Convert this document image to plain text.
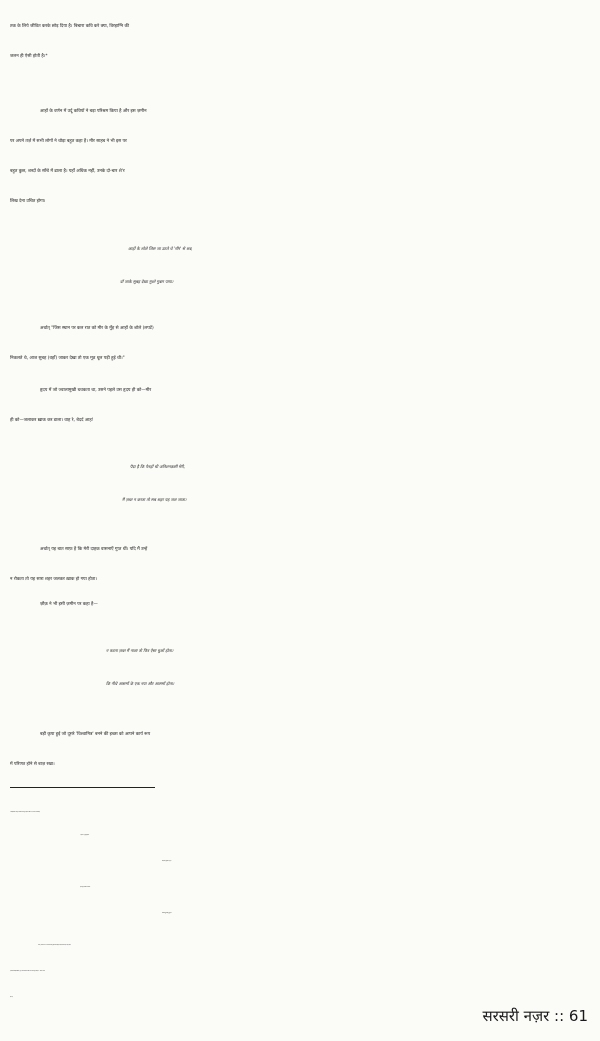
तक के लिये जीवित करके छोड़ दिया है। बिचारा कवि करे क्या, विरहाग्नि की
जलन ही ऐसी होती है।*
आहों के वर्णन में उर्दू कवियों ने बड़ा परिश्रम किया है और इस ज़मीन
पर अपने तर्ज़ में सभी लोगों ने थोड़ा बहुत कहा है। मीर साहब ने भी इस पर
बहुत कुछ, शब्दों के साँचे में ढाला है। यहाँ अधिक नहीं, उनके दो-चार शे'र
लिख देना उचित होगा।
आहों के शोले जिस जा उठते थे 'मीर' से शब,
वाँ जाके सुबह देखा मुश्ते गुबार पाया।
अर्थात् "जिस स्थान पर कल रात को मीर के मुँह से आहों के शोले (लपटें)
निकलते थे, आज सुबह (वहाँ) जाकर देखा तो एक मूठ धूल पड़ी हुई थी।"
हृदय में जो ज्वालामुखी धधकता था, उसने पहले उस हृदय ही को—मीर
ही को—जलाकर ख़ाक कर डाला। वाह रे, बेदर्द आह!
पैदा है कि पेनहाँ थी अतिशनक़सी मेरी,
मैं ज़ब्त न करता तो सब शहर यह जल जाता।
अर्थात् यह बात साफ़ है कि मेरी दाहक वासनाएँ गुप्त थीं। यदि मैं उन्हें
न रोकता तो यह सारा शहर जलकर ख़ाक हो गया होता।
ज़ौक़ ने भी इसी ज़मीन पर कहा है—
न करता ज़ब्त मैं नाला तो फिर ऐसा धुआँ होता।
कि नीचे आसमाँ के एक नया और आसमाँ होता।
बड़ी कृपा हुई जो दूसरे 'विश्वामित्र' बनने की इच्छा को आपने कार्य रूप
में परिणत होने से बाज़ रखा।
* विरहाग्नि की असह्यता प्रमाणित करते हुए श्रीहर्ष ने 'नैषध' में एक स्थान पर लिखा है—
"दहनजा न पृथुर्दवथुव्यथा,
विरहजैव पृथुर्यदि ने दृशम्।"
दहनमाशु विशन्ति कथं स्त्रियः,
प्रियमपासुमुपासितु मुद्धुराः।।"
अर्थात् "साधारण आग में जलने की व्यथा कुछ विशेष नहीं है, विरहजन्य व्यथा ही असह्य वेदना
है अन्यथा विरहिणी स्त्रियाँ (मृत) पति से मिलने के लिये आग में क्यों कूद पड़ती हैं?"—कितना अच्छा
कहा है।
सरसरी नज़र :: 61
